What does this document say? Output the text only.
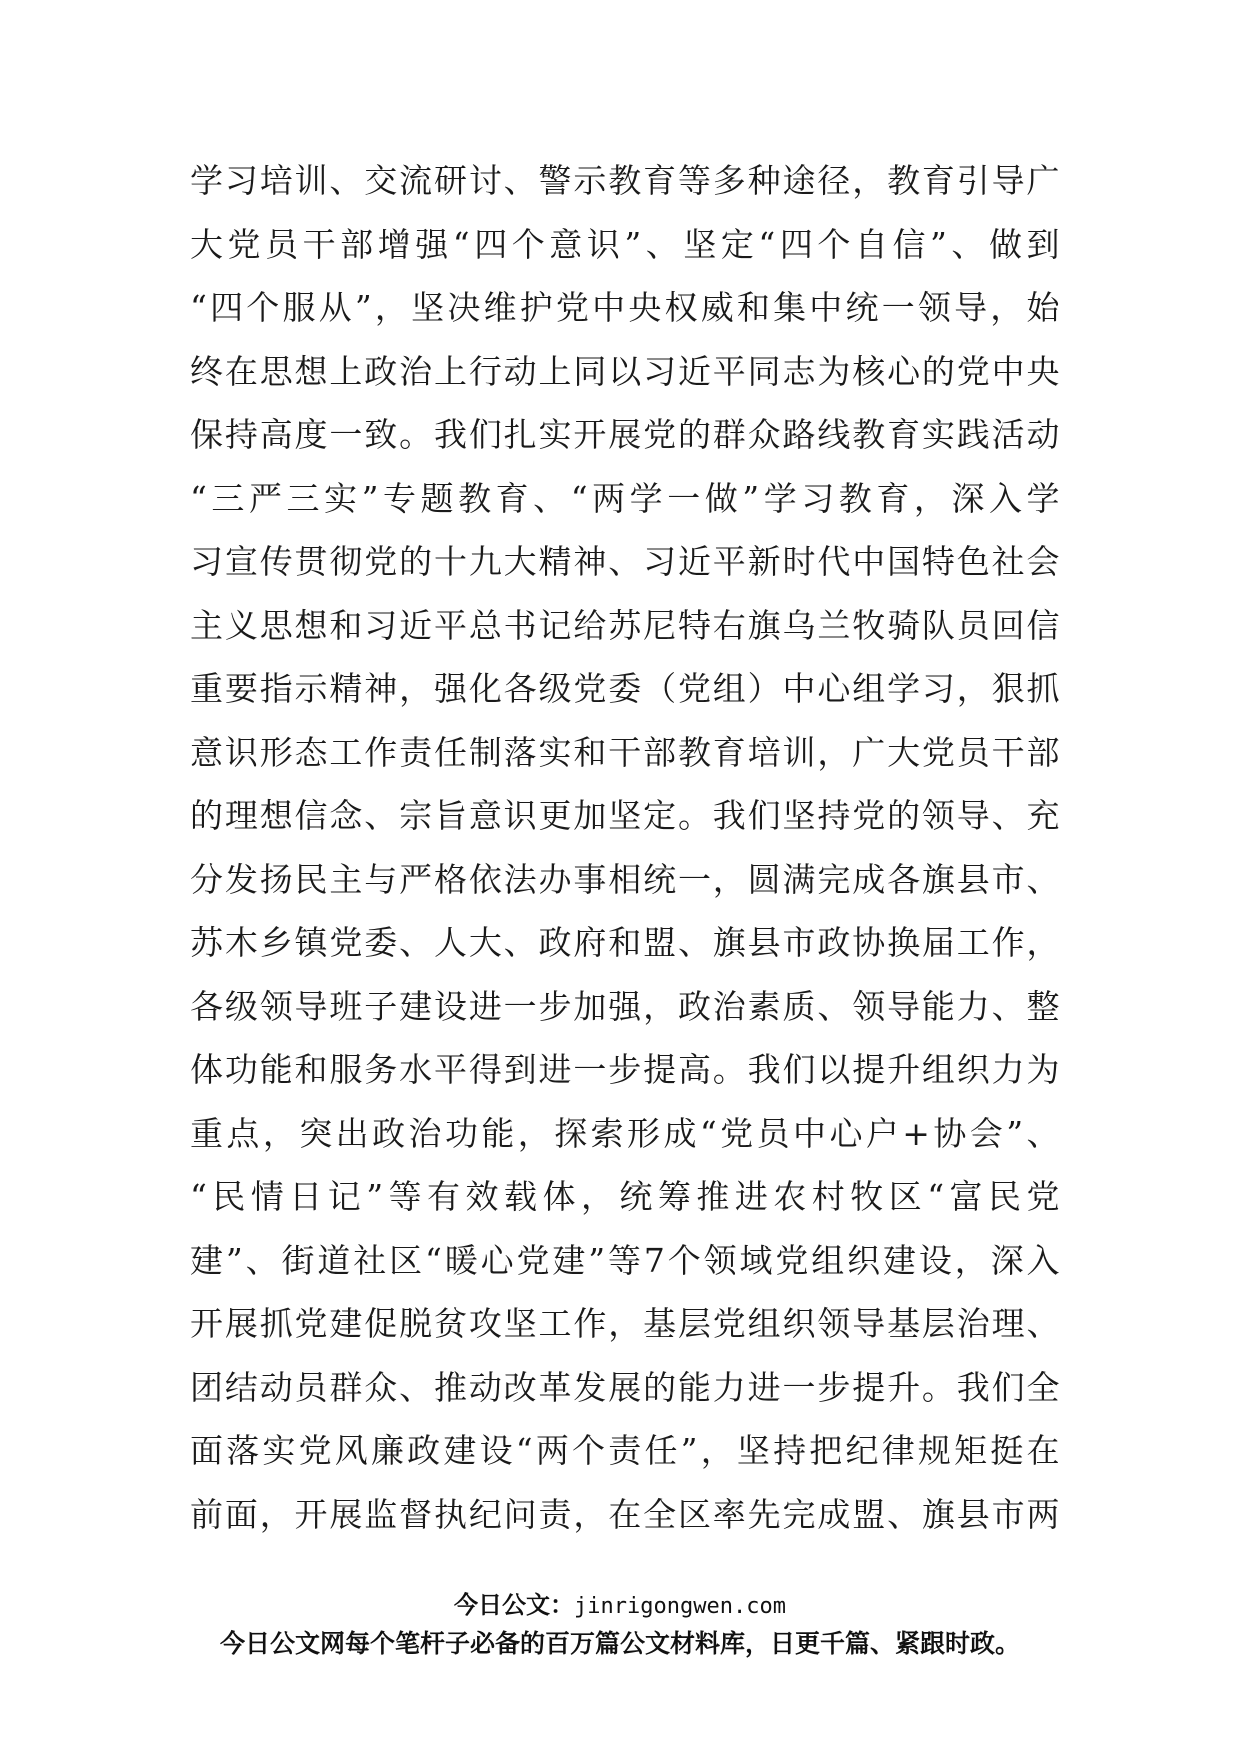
学习培训、交流研讨、警示教育等多种途径，教育引导广
大党员干部增强“四个意识”、坚定“四个自信”、做到
“四个服从”，坚决维护党中央权威和集中统一领导，始
终在思想上政治上行动上同以习近平同志为核心的党中央
保持高度一致。我们扎实开展党的群众路线教育实践活动
“三严三实”专题教育、“两学一做”学习教育，深入学
习宣传贯彻党的十九大精神、习近平新时代中国特色社会
主义思想和习近平总书记给苏尼特右旗乌兰牧骑队员回信
重要指示精神，强化各级党委（党组）中心组学习，狠抓
意识形态工作责任制落实和干部教育培训，广大党员干部
的理想信念、宗旨意识更加坚定。我们坚持党的领导、充
分发扬民主与严格依法办事相统一，圆满完成各旗县市、
苏木乡镇党委、人大、政府和盟、旗县市政协换届工作，
各级领导班子建设进一步加强，政治素质、领导能力、整
体功能和服务水平得到进一步提高。我们以提升组织力为
重点，突出政治功能，探索形成“党员中心户+协会”、
“民情日记”等有效载体，统筹推进农村牧区“富民党
建”、街道社区“暖心党建”等7个领域党组织建设，深入
开展抓党建促脱贫攻坚工作，基层党组织领导基层治理、
团结动员群众、推动改革发展的能力进一步提升。我们全
面落实党风廉政建设“两个责任”，坚持把纪律规矩挺在
前面，开展监督执纪问责，在全区率先完成盟、旗县市两
今日公文：jinrigongwen.com
今日公文网每个笔杆子必备的百万篇公文材料库，日更千篇、紧跟时政。
